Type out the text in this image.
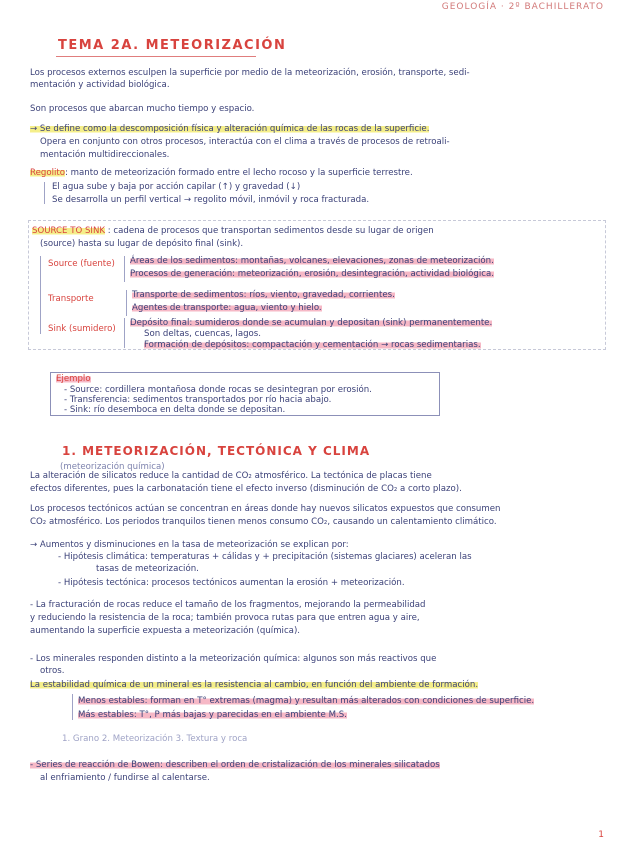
GEOLOGÍA · 2º BACHILLERATO
TEMA 2A. METEORIZACIÓN
Los procesos externos esculpen la superficie por medio de la meteorización, erosión, transporte, sedi-
mentación y actividad biológica.
Son procesos que abarcan mucho tiempo y espacio.
→ Se define como la descomposición física y alteración química de las rocas de la superficie.
Opera en conjunto con otros procesos, interactúa con el clima a través de procesos de retroali-
mentación multidireccionales.
Regolito: manto de meteorización formado entre el lecho rocoso y la superficie terrestre.
El agua sube y baja por acción capilar (↑) y gravedad (↓)
Se desarrolla un perfil vertical → regolito móvil, inmóvil y roca fracturada.
SOURCE TO SINK : cadena de procesos que transportan sedimentos desde su lugar de origen
(source) hasta su lugar de depósito final (sink).
Source (fuente) Áreas de los sedimentos: montañas, volcanes, elevaciones, zonas de meteorización.
Procesos de generación: meteorización, erosión, desintegración, actividad biológica.
Transporte	Transporte de sedimentos: ríos, viento, gravedad, corrientes.
Agentes de transporte: agua, viento y hielo.
Sink (sumidero)
Depósito final: sumideros donde se acumulan y depositan (sink) permanentemente.
Son deltas, cuencas, lagos.
Formación de depósitos: compactación y cementación → rocas sedimentarias.
Ejemplo
- Source: cordillera montañosa donde rocas se desintegran por erosión.
- Transferencia: sedimentos transportados por río hacia abajo.
- Sink: río desemboca en delta donde se depositan.
1. METEORIZACIÓN, TECTÓNICA Y CLIMA
(meteorización química)
La alteración de silicatos reduce la cantidad de CO₂ atmosférico. La tectónica de placas tiene
efectos diferentes, pues la carbonatación tiene el efecto inverso (disminución de CO₂ a corto plazo).
Los procesos tectónicos actúan se concentran en áreas donde hay nuevos silicatos expuestos que consumen
CO₂ atmosférico. Los periodos tranquilos tienen menos consumo CO₂, causando un calentamiento climático.
→ Aumentos y disminuciones en la tasa de meteorización se explican por:
- Hipótesis climática: temperaturas + cálidas y + precipitación (sistemas glaciares) aceleran las
tasas de meteorización.
- Hipótesis tectónica: procesos tectónicos aumentan la erosión + meteorización.
- La fracturación de rocas reduce el tamaño de los fragmentos, mejorando la permeabilidad
y reduciendo la resistencia de la roca; también provoca rutas para que entren agua y aire,
aumentando la superficie expuesta a meteorización (química).
- Los minerales responden distinto a la meteorización química: algunos son más reactivos que
otros.
La estabilidad química de un mineral es la resistencia al cambio, en función del ambiente de formación.
Menos estables: forman en T° extremas (magma) y resultan más alterados con condiciones de superficie.
Más estables: T°, P más bajas y parecidas en el ambiente M.S.
1. Grano 2. Meteorización 3. Textura y roca
- Series de reacción de Bowen: describen el orden de cristalización de los minerales silicatados
al enfriamiento / fundirse al calentarse.
1
